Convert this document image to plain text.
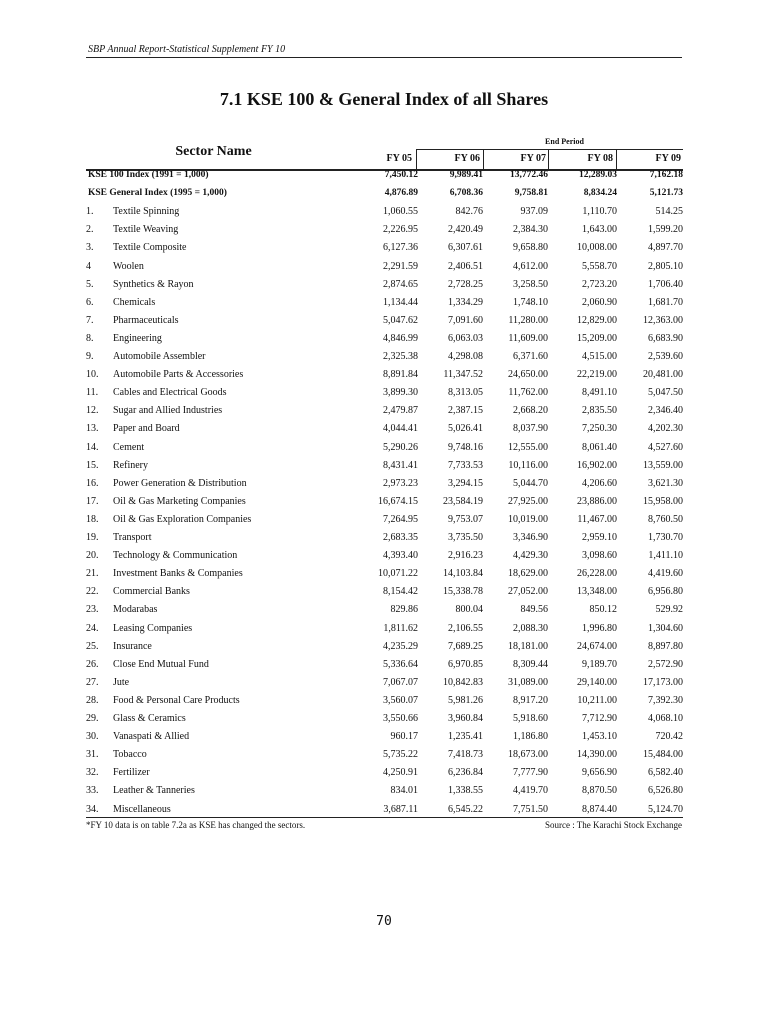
SBP Annual Report-Statistical Supplement FY 10
7.1 KSE 100 & General Index of all Shares
End Period
Sector Name	FY 05	FY 06	FY 07	FY 08	FY 09
KSE 100 Index (1991 = 1,000)	7,450.12	9,989.41	13,772.46	12,289.03	7,162.18
KSE General Index (1995 = 1,000)	4,876.89	6,708.36	9,758.81	8,834.24	5,121.73
1.	Textile Spinning	1,060.55	842.76	937.09	1,110.70	514.25
2.	Textile Weaving	2,226.95	2,420.49	2,384.30	1,643.00	1,599.20
3.	Textile Composite	6,127.36	6,307.61	9,658.80	10,008.00	4,897.70
4	Woolen	2,291.59	2,406.51	4,612.00	5,558.70	2,805.10
5.	Synthetics & Rayon	2,874.65	2,728.25	3,258.50	2,723.20	1,706.40
6.	Chemicals	1,134.44	1,334.29	1,748.10	2,060.90	1,681.70
7.	Pharmaceuticals	5,047.62	7,091.60	11,280.00	12,829.00	12,363.00
8.	Engineering	4,846.99	6,063.03	11,609.00	15,209.00	6,683.90
9.	Automobile Assembler	2,325.38	4,298.08	6,371.60	4,515.00	2,539.60
10.	Automobile Parts & Accessories	8,891.84	11,347.52	24,650.00	22,219.00	20,481.00
11.	Cables and Electrical Goods	3,899.30	8,313.05	11,762.00	8,491.10	5,047.50
12.	Sugar and Allied Industries	2,479.87	2,387.15	2,668.20	2,835.50	2,346.40
13.	Paper and Board	4,044.41	5,026.41	8,037.90	7,250.30	4,202.30
14.	Cement	5,290.26	9,748.16	12,555.00	8,061.40	4,527.60
15.	Refinery	8,431.41	7,733.53	10,116.00	16,902.00	13,559.00
16.	Power Generation & Distribution	2,973.23	3,294.15	5,044.70	4,206.60	3,621.30
17.	Oil & Gas Marketing Companies	16,674.15	23,584.19	27,925.00	23,886.00	15,958.00
18.	Oil & Gas Exploration Companies	7,264.95	9,753.07	10,019.00	11,467.00	8,760.50
19.	Transport	2,683.35	3,735.50	3,346.90	2,959.10	1,730.70
20.	Technology & Communication	4,393.40	2,916.23	4,429.30	3,098.60	1,411.10
21.	Investment Banks & Companies	10,071.22	14,103.84	18,629.00	26,228.00	4,419.60
22.	Commercial Banks	8,154.42	15,338.78	27,052.00	13,348.00	6,956.80
23.	Modarabas	829.86	800.04	849.56	850.12	529.92
24.	Leasing Companies	1,811.62	2,106.55	2,088.30	1,996.80	1,304.60
25.	Insurance	4,235.29	7,689.25	18,181.00	24,674.00	8,897.80
26.	Close End Mutual Fund	5,336.64	6,970.85	8,309.44	9,189.70	2,572.90
27.	Jute	7,067.07	10,842.83	31,089.00	29,140.00	17,173.00
28.	Food & Personal Care Products	3,560.07	5,981.26	8,917.20	10,211.00	7,392.30
29.	Glass & Ceramics	3,550.66	3,960.84	5,918.60	7,712.90	4,068.10
30.	Vanaspati & Allied	960.17	1,235.41	1,186.80	1,453.10	720.42
31.	Tobacco	5,735.22	7,418.73	18,673.00	14,390.00	15,484.00
32.	Fertilizer	4,250.91	6,236.84	7,777.90	9,656.90	6,582.40
33.	Leather & Tanneries	834.01	1,338.55	4,419.70	8,870.50	6,526.80
34.	Miscellaneous	3,687.11	6,545.22	7,751.50	8,874.40	5,124.70
*FY 10 data is on table 7.2a as KSE has changed the sectors.	Source : The Karachi Stock Exchange
70
